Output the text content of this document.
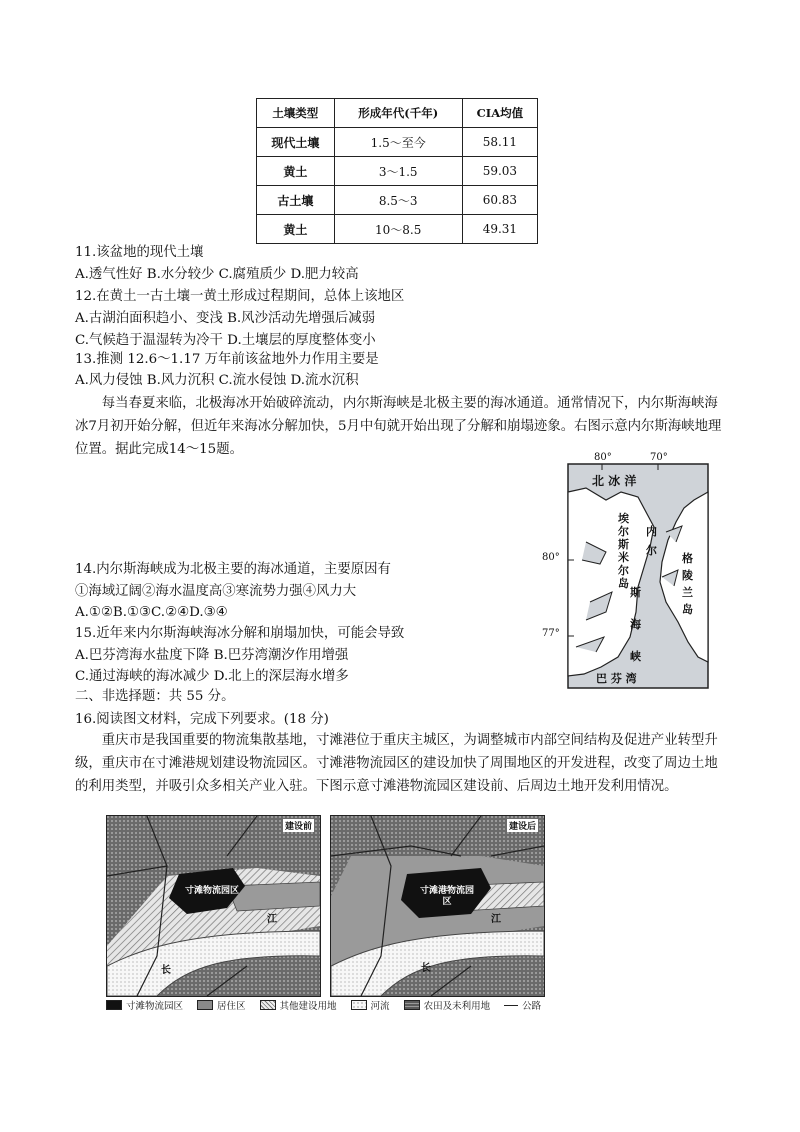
土壤类型	形成年代(千年)	CIA均值
现代土壤	1.5～至今	58.11
黄土	3～1.5	59.03
古土壤	8.5～3	60.83
黄土	10～8.5	49.31
11.该盆地的现代土壤
A.透气性好 B.水分较少 C.腐殖质少 D.肥力较高
12.在黄土一古土壤一黄土形成过程期间，总体上该地区
A.古湖泊面积趋小、变浅 B.风沙活动先增强后减弱
C.气候趋于温湿转为冷干 D.土壤层的厚度整体变小
13.推测 12.6～1.17 万年前该盆地外力作用主要是
A.风力侵蚀 B.风力沉积 C.流水侵蚀 D.流水沉积
每当春夏来临，北极海冰开始破碎流动，内尔斯海峡是北极主要的海冰通道。通常情况下，内尔斯海峡海冰7月初开始分解，但近年来海冰分解加快，5月中旬就开始出现了分解和崩塌迹象。右图示意内尔斯海峡地理位置。据此完成14～15题。
14.内尔斯海峡成为北极主要的海冰通道，主要原因有
①海域辽阔②海水温度高③寒流势力强④风力大
A.①②B.①③C.②④D.③④
15.近年来内尔斯海峡海冰分解和崩塌加快，可能会导致
A.巴芬湾海水盐度下降 B.巴芬湾潮汐作用增强
C.通过海峡的海冰减少 D.北上的深层海水增多
二、非选择题：共 55 分。
16.阅读图文材料，完成下列要求。(18 分)
重庆市是我国重要的物流集散基地，寸滩港位于重庆主城区，为调整城市内部空间结构及促进产业转型升级，重庆市在寸滩港规划建设物流园区。寸滩港物流园区的建设加快了周围地区的开发进程，改变了周边土地的利用类型，并吸引众多相关产业入驻。下图示意寸滩港物流园区建设前、后周边土地开发利用情况。
80°	70°
80°
77°
北 冰 洋
埃尔斯米尔岛
内
尔
斯
海
峡
格
陵
兰
岛
巴 芬 湾
建设前
寸滩物流园区
长
江
建设后
寸滩港物流园区
长
江
寸滩物流园区	居住区	其他建设用地	河流	农田及未利用地	公路
